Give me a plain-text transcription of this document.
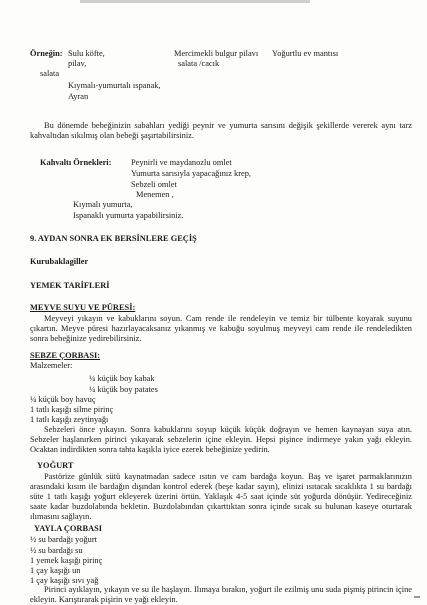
Örneğin: Sulu köfte,	Mercimekli bulgur pilavı Yoğurtlu ev mantısı
pilav,	salata /cacık
salata
Kıymalı-yumurtalı ıspanak,
Ayran
Bu dönemde bebeğinizin sabahları yediği peynir ve yumurta sarısını değişik şekillerde vererek aynı tarz kahvaltıdan sıkılmış olan bebeği şaşırtabilirsiniz.
Kahvaltı Örnekleri: Peynirli ve maydanozlu omlet
Yumurta sarısıyla yapacağınız krep,
Sebzeli omlet
Menemen ,
Kıymalı yumurta,
Ispanaklı yumurta yapabilirsiniz.
9. AYDAN SONRA EK BERSİNLERE GEÇİŞ
Kurubaklagiller
YEMEK TARİFLERİ
MEYVE SUYU VE PÜRESİ:
Meyveyi yıkayın ve kabuklarını soyun. Cam rende ile rendeleyin ve temiz bir tülbente koyarak suyunu çıkartın. Meyve püresi hazırlayacaksanız yıkanmış ve kabuğu soyulmuş meyveyi cam rende ile rendeledikten sonra bebeğinize yedirebilirsiniz.
SEBZE ÇORBASI:
Malzemeler:
¼ küçük boy kabak
¼ küçük boy patates
¼ küçük boy havuç
1 tatlı kaşığı silme pirinç
1 tatlı kaşığı zeytinyağı
Sebzeleri önce yıkayın. Sonra kabuklarını soyup küçük küçük doğrayın ve hemen kaynayan suya atın. Sebzeler haşlanırken pirinci yıkayarak sebzelerin içine ekleyin. Hepsi pişince indirmeye yakın yağı ekleyin. Ocaktan indirdikten sonra tahta kaşıkla iyice ezerek bebeğinize yedirin.
YOĞURT
Pastörize günlük sütü kaynatmadan sadece ısıtın ve cam bardağa koyun. Baş ve işaret parmaklarınızın arasındaki kısım ile bardağın dışından kontrol ederek (beşe kadar sayın), elinizi ısıtacak sıcaklıkta 1 su bardağı süte 1 tatlı kaşığı yoğurt ekleyerek üzerini örtün. Yaklaşık 4-5 saat içinde süt yoğurda dönüşür. Yedireceğiniz saate kadar buzdolabında bekletin. Buzdolabından çıkarttıktan sonra içinde sıcak su bulunan kaseye oturtarak ılımasını sağlayın.
YAYLA ÇORBASI
½ su bardağı yoğurt
½ su bardağı su
1 yemek kaşığı pirinç
1 çay kaşığı un
1 çay kaşığı sıvı yağ
Pirinci ayıklayın, yıkayın ve su ile haşlayın. Ilımaya bırakın, yoğurt ile ezilmiş unu suda pişmiş pirincin içine ekleyin. Karıştırarak pişirin ve yağı ekleyin.
